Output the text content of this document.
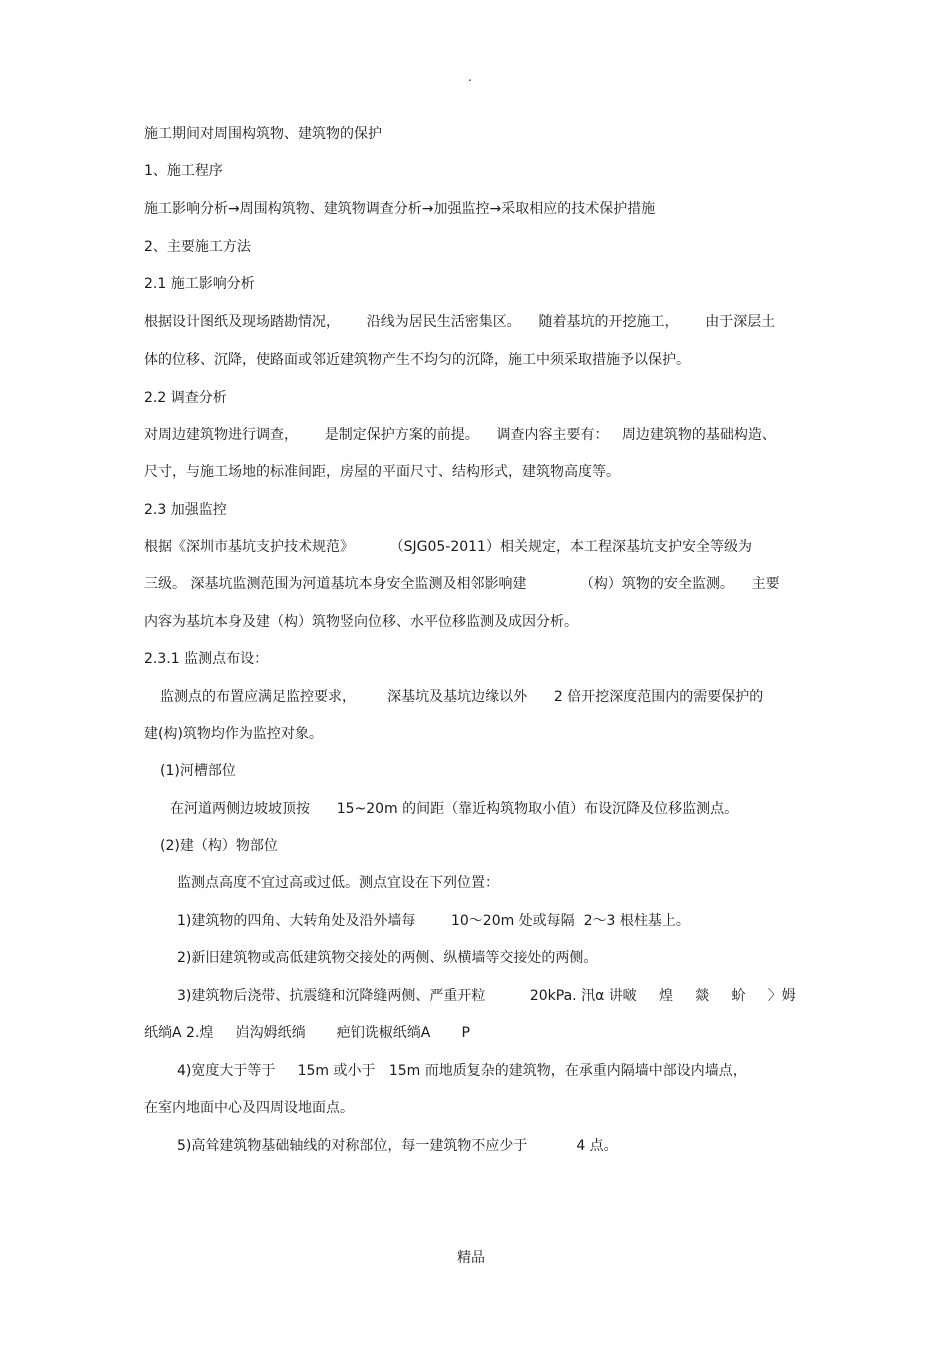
.
施工期间对周围构筑物、建筑物的保护
1、施工程序
施工影响分析→周围构筑物、建筑物调查分析→加强监控→采取相应的技术保护措施
2、主要施工方法
2.1 施工影响分析
根据设计图纸及现场踏勘情况，      沿线为居民生活密集区。    随着基坑的开挖施工，      由于深层土
体的位移、沉降，使路面或邻近建筑物产生不均匀的沉降，施工中须采取措施予以保护。
2.2 调查分析
对周边建筑物进行调查，      是制定保护方案的前提。    调查内容主要有：   周边建筑物的基础构造、
尺寸，与施工场地的标准间距，房屋的平面尺寸、结构形式，建筑物高度等。
2.3 加强监控
根据《深圳市基坑支护技术规范》        （SJG05-2011）相关规定，本工程深基坑支护安全等级为
三级。 深基坑监测范围为河道基坑本身安全监测及相邻影响建            （构）筑物的安全监测。    主要
内容为基坑本身及建（构）筑物竖向位移、水平位移监测及成因分析。
2.3.1 监测点布设：
监测点的布置应满足监控要求，       深基坑及基坑边缘以外      2 倍开挖深度范围内的需要保护的
建(构)筑物均作为监控对象。
(1)河槽部位
在河道两侧边坡坡顶按      15~20m 的间距（靠近构筑物取小值）布设沉降及位移监测点。
(2)建（构）物部位
监测点高度不宜过高或过低。测点宜设在下列位置：
1)建筑物的四角、大转角处及沿外墙每        10～20m 处或每隔  2～3 根柱基上。
2)新旧建筑物或高低建筑物交接处的两侧、纵横墙等交接处的两侧。
3)建筑物后浇带、抗震缝和沉降缝两侧、严重开粒          20kPa. 汛α 讲啵     煌     燚     蚧     〉姆
纸绱A 2.煌     岿沟姆纸绱       疤钔诜椒纸绱A       P
4)宽度大于等于     15m 或小于   15m 而地质复杂的建筑物，在承重内隔墙中部设内墙点，
在室内地面中心及四周设地面点。
5)高耸建筑物基础轴线的对称部位，每一建筑物不应少于           4 点。
精品
